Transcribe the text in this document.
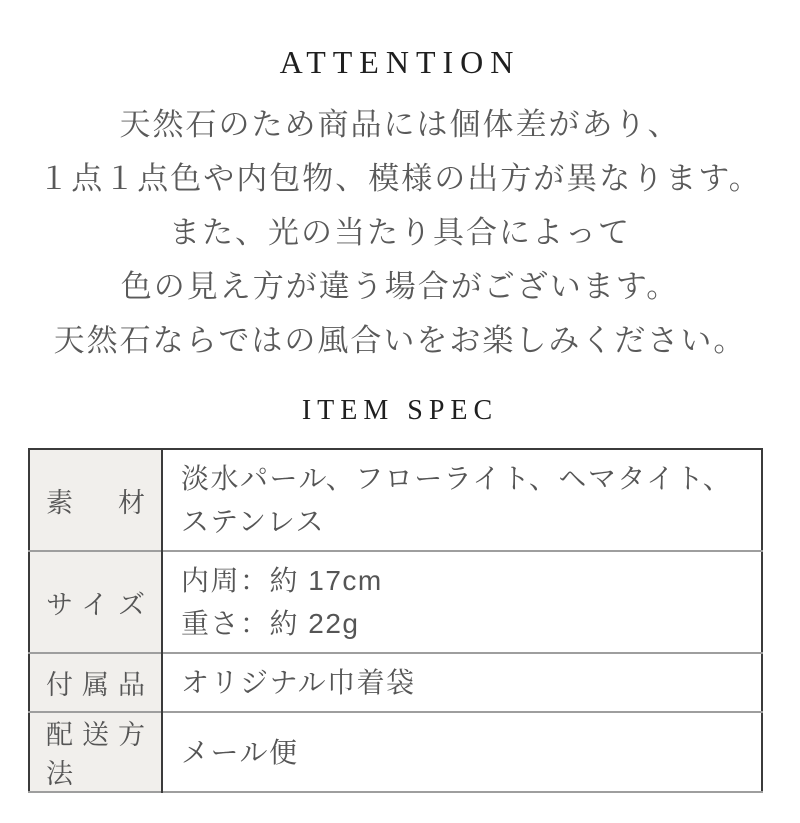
ATTENTION

天然石のため商品には個体差があり、

１点１点色や内包物、模様の出方が異なります。

また、光の当たり具合によって

色の見え方が違う場合がございます。

天然石ならではの風合いをお楽しみください。

ITEM SPEC
素材	淡水パール、フローライト、ヘマタイト、
ステンレス

サイズ	内周：約 17cm
重さ：約 22g

付属品	オリジナル巾着袋

配送方法	メール便
